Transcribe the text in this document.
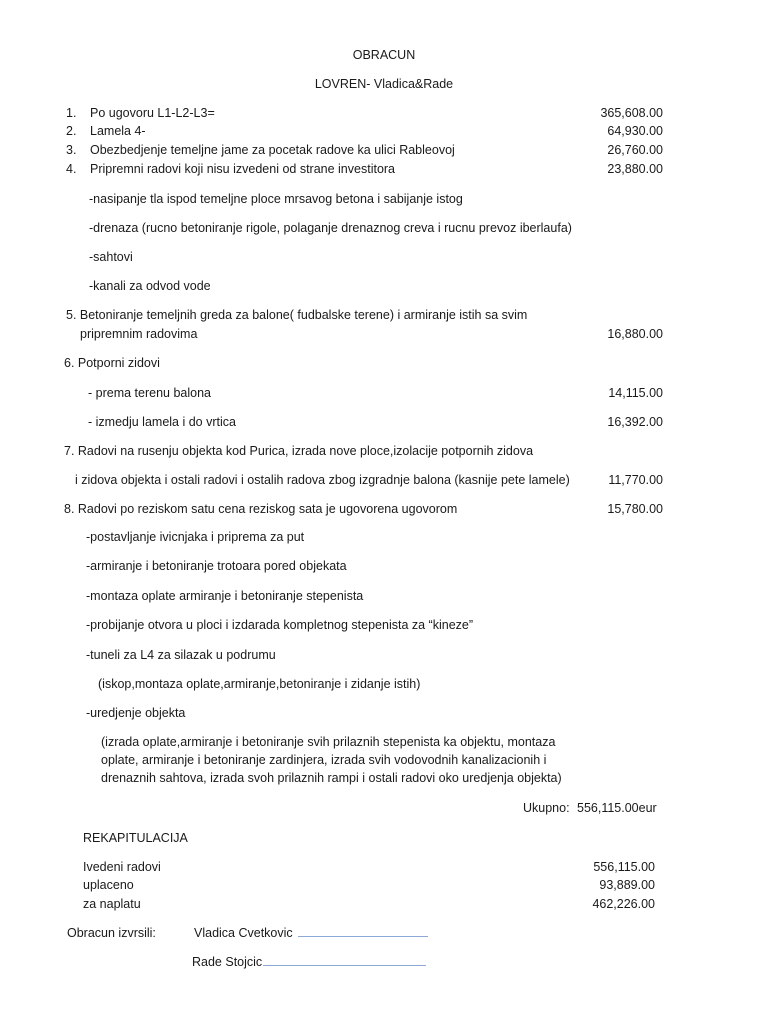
OBRACUN
LOVREN- Vladica&Rade
1. Po ugovoru L1-L2-L3=	365,608.00
2. Lamela 4-	64,930.00
3. Obezbedjenje temeljne jame za pocetak radove ka ulici Rableovoj	26,760.00
4. Pripremni radovi koji nisu izvedeni od strane investitora	23,880.00
-nasipanje tla ispod temeljne ploce mrsavog betona i sabijanje istog
-drenaza (rucno betoniranje rigole, polaganje drenaznog creva i rucnu prevoz iberlaufa)
-sahtovi
-kanali za odvod vode
5. Betoniranje temeljnih greda za balone( fudbalske terene) i armiranje istih sa svim
pripremnim radovima	16,880.00
6. Potporni zidovi
- prema terenu balona	14,115.00
- izmedju lamela i do vrtica	16,392.00
7. Radovi na rusenju objekta kod Purica, izrada nove ploce,izolacije potpornih zidova
i zidova objekta i ostali radovi i ostalih radova zbog izgradnje balona (kasnije pete lamele)	11,770.00
8. Radovi po reziskom satu cena reziskog sata je ugovorena ugovorom	15,780.00
-postavljanje ivicnjaka i priprema za put
-armiranje i betoniranje trotoara pored objekata
-montaza oplate armiranje i betoniranje stepenista
-probijanje otvora u ploci i izdarada kompletnog stepenista za “kineze”
-tuneli za L4 za silazak u podrumu
(iskop,montaza oplate,armiranje,betoniranje i zidanje istih)
-uredjenje objekta
(izrada oplate,armiranje i betoniranje svih prilaznih stepenista ka objektu, montaza
oplate, armiranje i betoniranje zardinjera, izrada svih vodovodnih kanalizacionih i
drenaznih sahtova, izrada svoh prilaznih rampi i ostali radovi oko uredjenja objekta)
Ukupno: 556,115.00eur
REKAPITULACIJA
Ivedeni radovi	556,115.00
uplaceno	93,889.00
za naplatu	462,226.00
Obracun izvrsili:	Vladica Cvetkovic
Rade Stojcic
